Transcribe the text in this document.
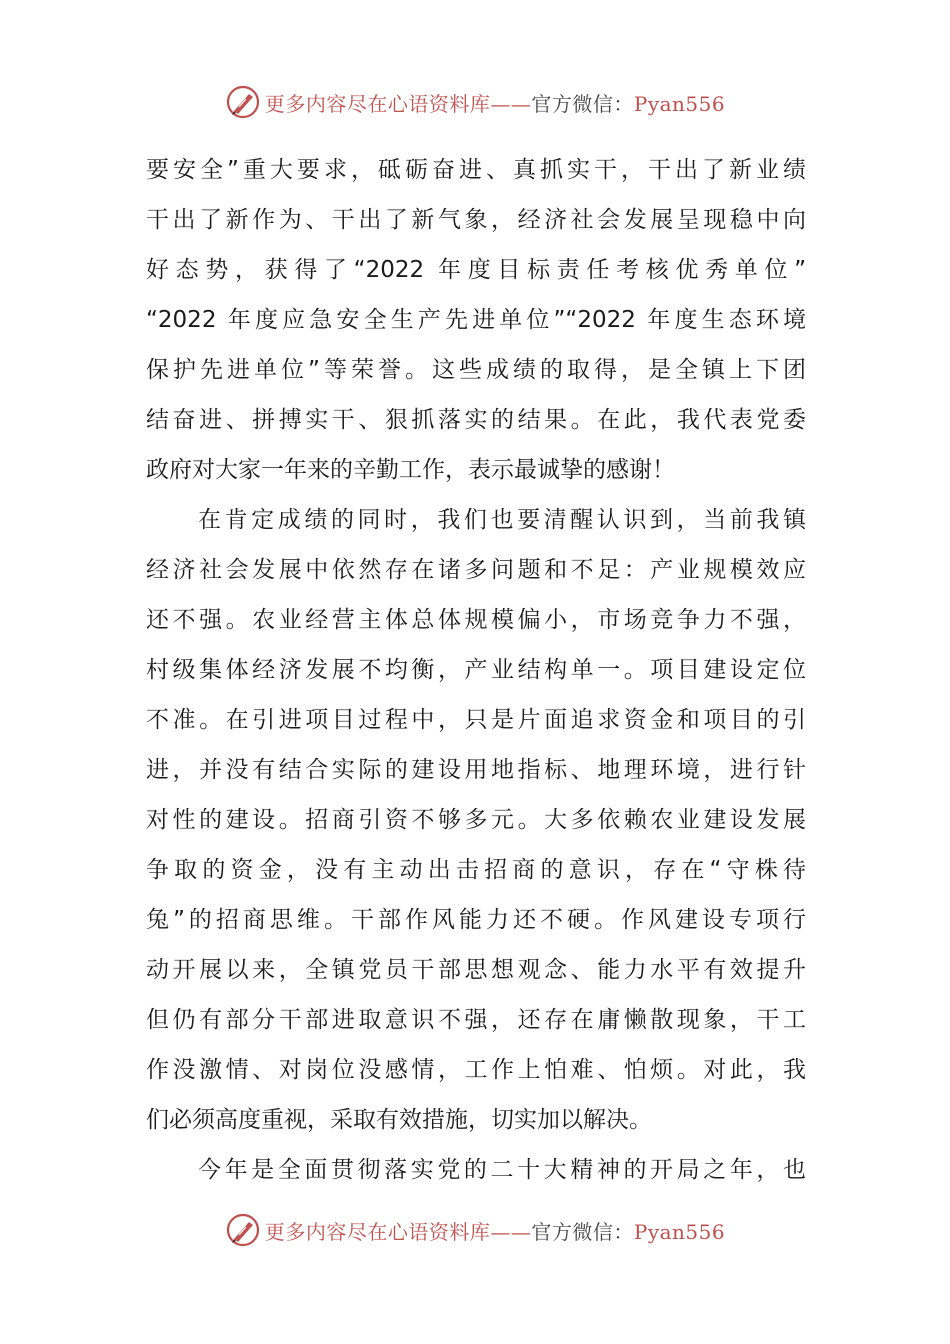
更多内容尽在心语资料库——官方微信：Pyan556
要安全”重大要求，砥砺奋进、真抓实干，干出了新业绩
干出了新作为、干出了新气象，经济社会发展呈现稳中向
好态势，获得了“2022 年度目标责任考核优秀单位”
“2022 年度应急安全生产先进单位”“2022 年度生态环境
保护先进单位”等荣誉。这些成绩的取得，是全镇上下团
结奋进、拼搏实干、狠抓落实的结果。在此，我代表党委
政府对大家一年来的辛勤工作，表示最诚挚的感谢！
在肯定成绩的同时，我们也要清醒认识到，当前我镇
经济社会发展中依然存在诸多问题和不足：产业规模效应
还不强。农业经营主体总体规模偏小，市场竞争力不强，
村级集体经济发展不均衡，产业结构单一。项目建设定位
不准。在引进项目过程中，只是片面追求资金和项目的引
进，并没有结合实际的建设用地指标、地理环境，进行针
对性的建设。招商引资不够多元。大多依赖农业建设发展
争取的资金，没有主动出击招商的意识，存在“守株待
兔”的招商思维。干部作风能力还不硬。作风建设专项行
动开展以来，全镇党员干部思想观念、能力水平有效提升
但仍有部分干部进取意识不强，还存在庸懒散现象，干工
作没激情、对岗位没感情，工作上怕难、怕烦。对此，我
们必须高度重视，采取有效措施，切实加以解决。
今年是全面贯彻落实党的二十大精神的开局之年，也
更多内容尽在心语资料库——官方微信：Pyan556
